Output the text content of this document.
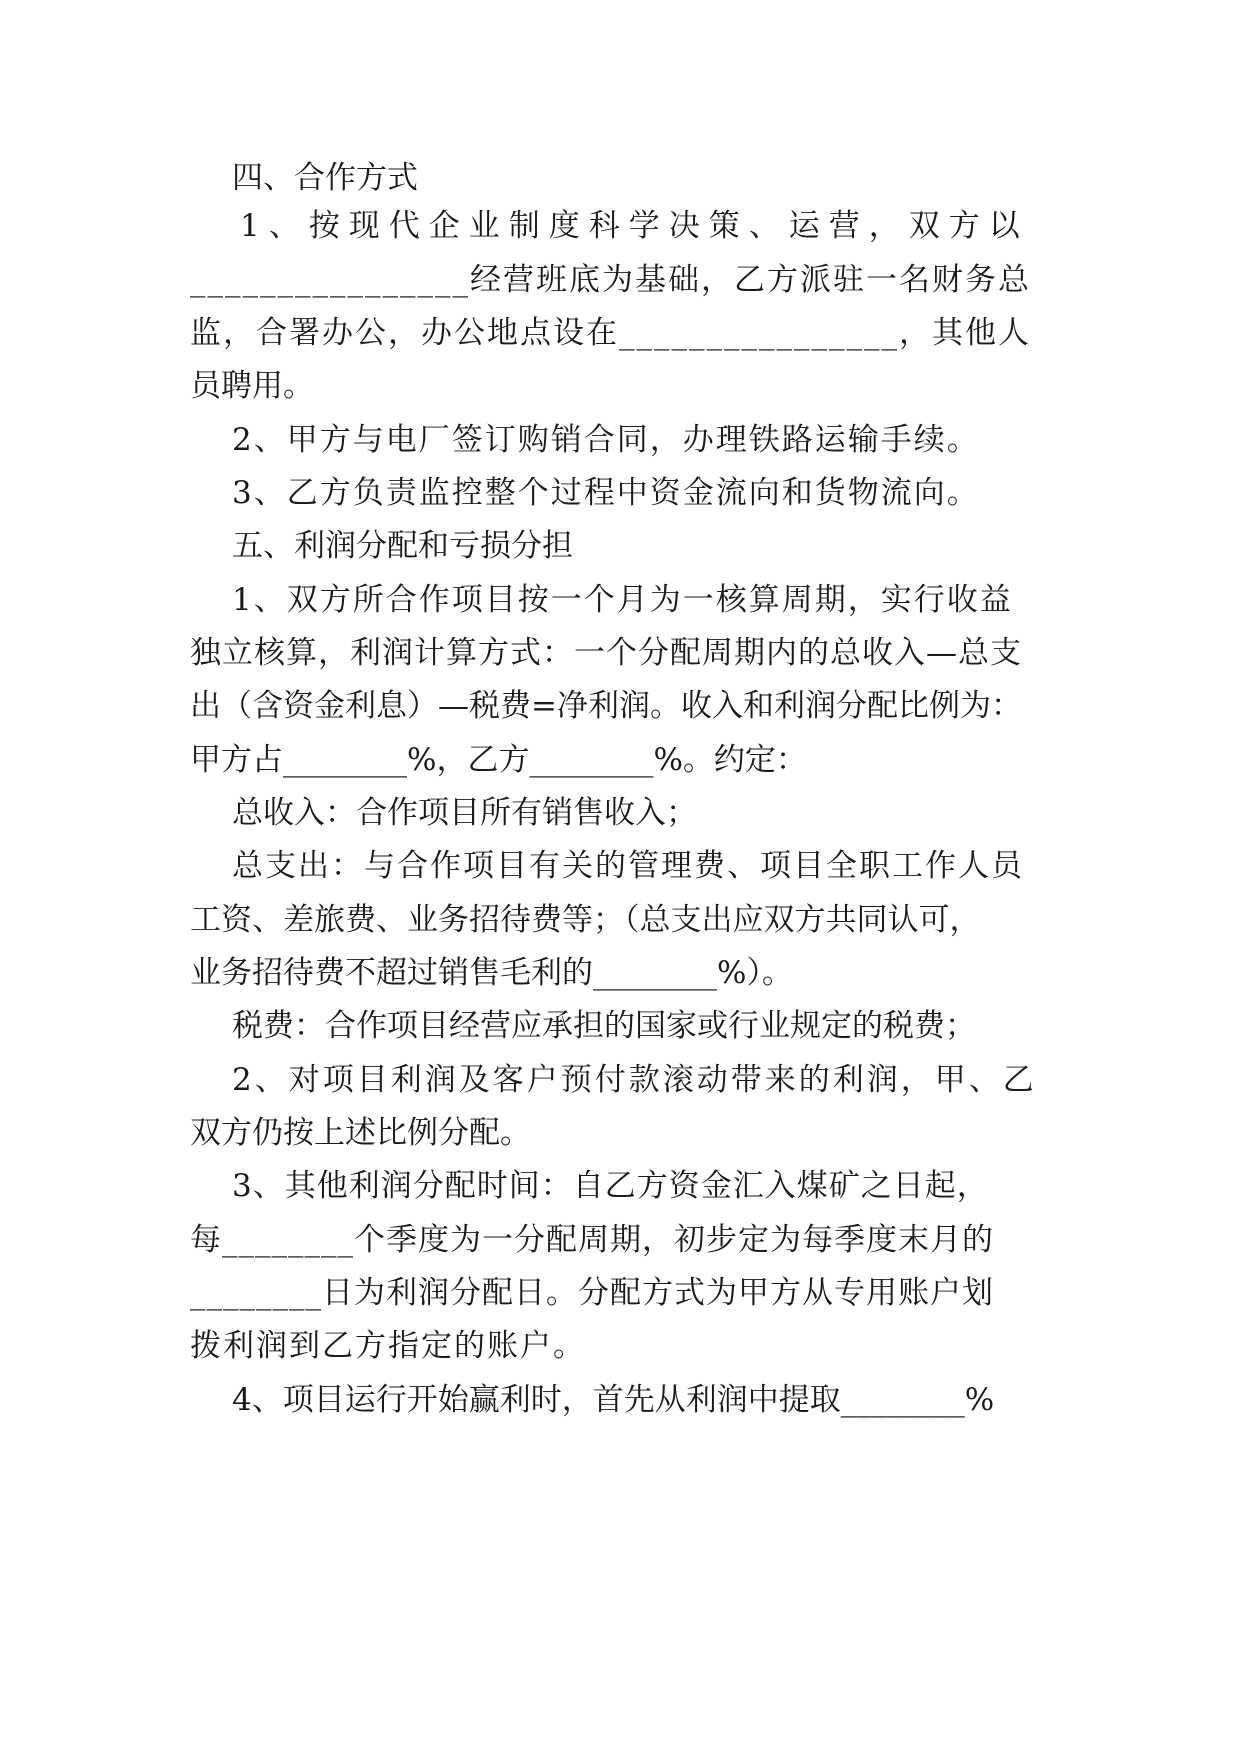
四、合作方式
1、按现代企业制度科学决策、运营，双方以
________________经营班底为基础，乙方派驻一名财务总
监，合署办公，办公地点设在________________，其他人
员聘用。
2、甲方与电厂签订购销合同，办理铁路运输手续。
3、乙方负责监控整个过程中资金流向和货物流向。
五、利润分配和亏损分担
1、双方所合作项目按一个月为一核算周期，实行收益
独立核算，利润计算方式：一个分配周期内的总收入—总支
出（含资金利息）—税费=净利润。收入和利润分配比例为：
甲方占________%，乙方________%。约定：
总收入：合作项目所有销售收入；
总支出：与合作项目有关的管理费、项目全职工作人员
工资、差旅费、业务招待费等；（总支出应双方共同认可，
业务招待费不超过销售毛利的________%）。
税费：合作项目经营应承担的国家或行业规定的税费；
2、对项目利润及客户预付款滚动带来的利润，甲、乙
双方仍按上述比例分配。
3、其他利润分配时间：自乙方资金汇入煤矿之日起，
每________个季度为一分配周期，初步定为每季度末月的
________日为利润分配日。分配方式为甲方从专用账户划
拨利润到乙方指定的账户。
4、项目运行开始赢利时，首先从利润中提取________%
